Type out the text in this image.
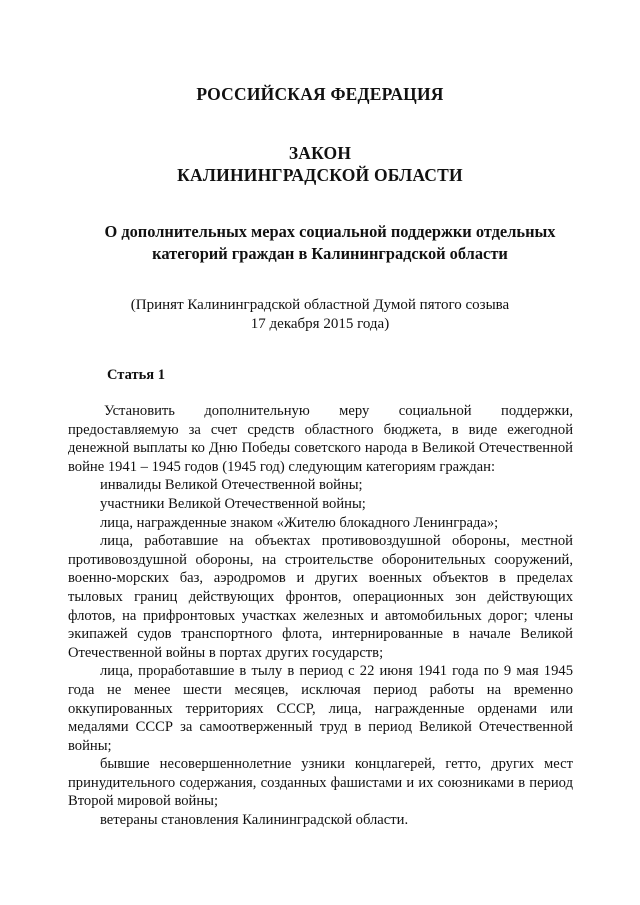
РОССИЙСКАЯ ФЕДЕРАЦИЯ
ЗАКОН
КАЛИНИНГРАДСКОЙ ОБЛАСТИ
О дополнительных мерах социальной поддержки отдельных категорий граждан в Калининградской области
(Принят Калининградской областной Думой пятого созыва
17 декабря 2015 года)
Статья 1

Установить дополнительную меру социальной поддержки, предоставляемую за счет средств областного бюджета, в виде ежегодной денежной выплаты ко Дню Победы советского народа в Великой Отечественной войне 1941 – 1945 годов (1945 год) следующим категориям граждан:

инвалиды Великой Отечественной войны;

участники Великой Отечественной войны;

лица, награжденные знаком «Жителю блокадного Ленинграда»;

лица, работавшие на объектах противовоздушной обороны, местной противовоздушной обороны, на строительстве оборонительных сооружений, военно-морских баз, аэродромов и других военных объектов в пределах тыловых границ действующих фронтов, операционных зон действующих флотов, на прифронтовых участках железных и автомобильных дорог; члены экипажей судов транспортного флота, интернированные в начале Великой Отечественной войны в портах других государств;

лица, проработавшие в тылу в период с 22 июня 1941 года по 9 мая 1945 года не менее шести месяцев, исключая период работы на временно оккупированных территориях СССР, лица, награжденные орденами или медалями СССР за самоотверженный труд в период Великой Отечественной войны;

бывшие несовершеннолетние узники концлагерей, гетто, других мест принудительного содержания, созданных фашистами и их союзниками в период Второй мировой войны;

ветераны становления Калининградской области.
